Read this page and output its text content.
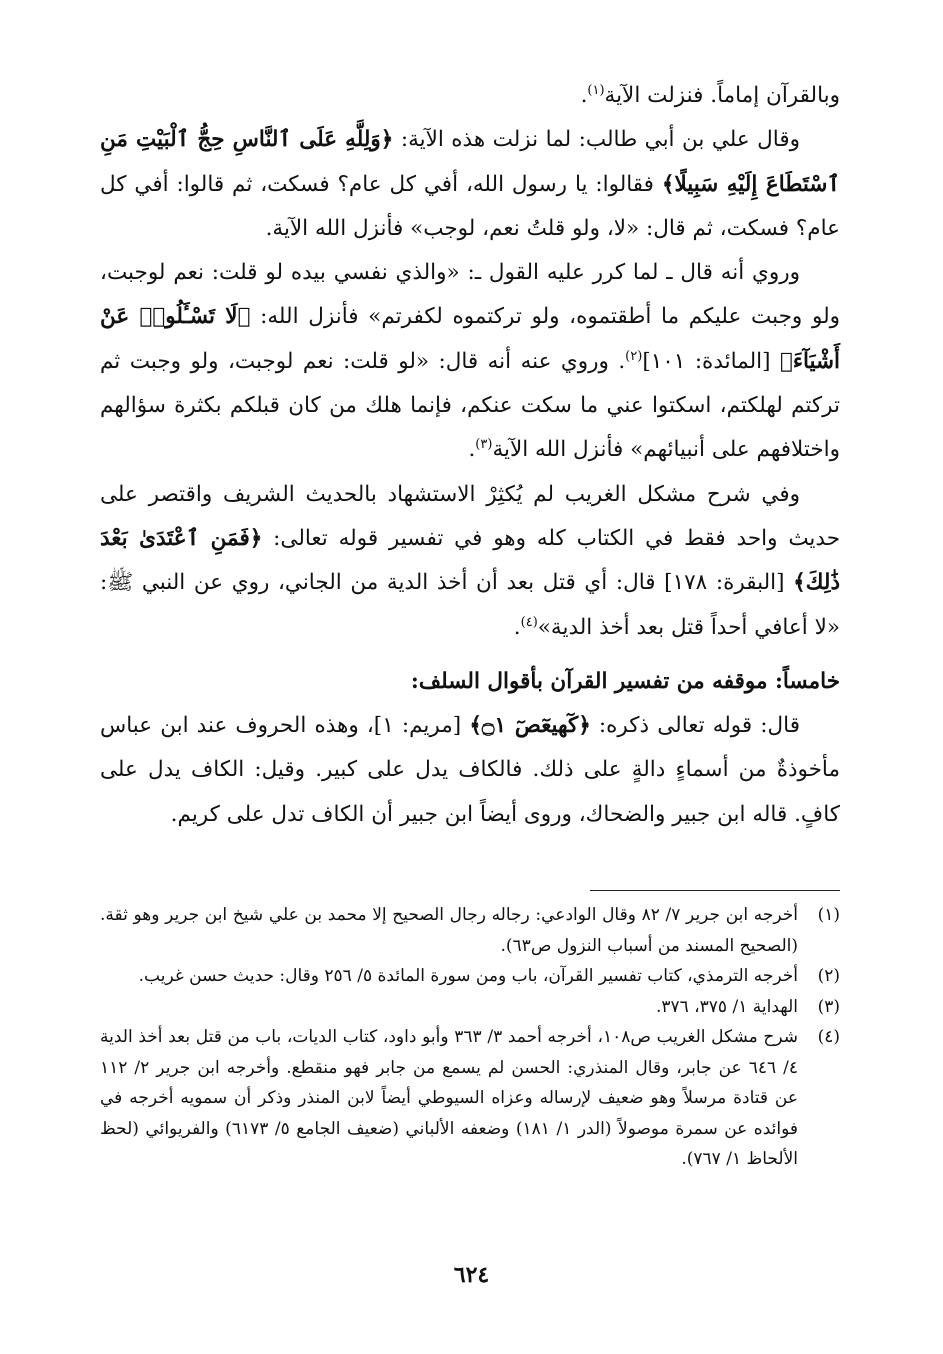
وبالقرآن إماماً. فنزلت الآية$^{(١)}$.

وقال علي بن أبي طالب: لما نزلت هذه الآية: ﴿وَلِلَّهِ عَلَى ٱلنَّاسِ حِجُّ ٱلْبَيْتِ مَنِ ٱسْتَطَاعَ إِلَيْهِ سَبِيلًا﴾ فقالوا: يا رسول الله، أفي كل عام؟ فسكت، ثم قالوا: أفي كل عام؟ فسكت، ثم قال: «لا، ولو قلتُ نعم، لوجب» فأنزل الله الآية.

وروي أنه قال ـ لما كرر عليه القول ـ: «والذي نفسي بيده لو قلت: نعم لوجبت، ولو وجبت عليكم ما أطقتموه، ولو تركتموه لكفرتم» فأنزل الله: ﴿لَا تَسْـَٔلُوا۟ عَنْ أَشْيَآءَ﴾ [المائدة: ١٠١]$^{(٢)}$. وروي عنه أنه قال: «لو قلت: نعم لوجبت، ولو وجبت ثم تركتم لهلكتم، اسكتوا عني ما سكت عنكم، فإنما هلك من كان قبلكم بكثرة سؤالهم واختلافهم على أنبيائهم» فأنزل الله الآية$^{(٣)}$.

وفي شرح مشكل الغريب لم يُكثِرْ الاستشهاد بالحديث الشريف واقتصر على حديث واحد فقط في الكتاب كله وهو في تفسير قوله تعالى: ﴿فَمَنِ ٱعْتَدَىٰ بَعْدَ ذَٰلِكَ﴾ [البقرة: ١٧٨] قال: أي قتل بعد أن أخذ الدية من الجاني، روي عن النبي ﷺ: «لا أعافي أحداً قتل بعد أخذ الدية»$^{(٤)}$.

خامساً: موقفه من تفسير القرآن بأقوال السلف:

قال: قوله تعالى ذكره: ﴿كٓهيعٓصٓ ۝١﴾ [مريم: ١]، وهذه الحروف عند ابن عباس مأخوذةٌ من أسماءٍ دالةٍ على ذلك. فالكاف يدل على كبير. وقيل: الكاف يدل على كافٍ. قاله ابن جبير والضحاك، وروى أيضاً ابن جبير أن الكاف تدل على كريم.

(١)
أخرجه ابن جرير ٧/ ٨٢ وقال الوادعي: رجاله رجال الصحيح إلا محمد بن علي شيخ ابن جرير وهو ثقة. (الصحيح المسند من أسباب النزول ص٦٣).
(٢)
أخرجه الترمذي، كتاب تفسير القرآن، باب ومن سورة المائدة ٥/ ٢٥٦ وقال: حديث حسن غريب.
(٣)
الهداية ١/ ٣٧٥، ٣٧٦.
(٤)
شرح مشكل الغريب ص١٠٨، أخرجه أحمد ٣/ ٣٦٣ وأبو داود، كتاب الديات، باب من قتل بعد أخذ الدية ٤/ ٦٤٦ عن جابر، وقال المنذري: الحسن لم يسمع من جابر فهو منقطع. وأخرجه ابن جرير ٢/ ١١٢ عن قتادة مرسلاً وهو ضعيف لإرساله وعزاه السيوطي أيضاً لابن المنذر وذكر أن سمويه أخرجه في فوائده عن سمرة موصولاً (الدر ١/ ١٨١) وضعفه الألباني (ضعيف الجامع ٥/ ٦١٧٣) والفريوائي (لحظ الألحاظ ١/ ٧٦٧).
٦٢٤
